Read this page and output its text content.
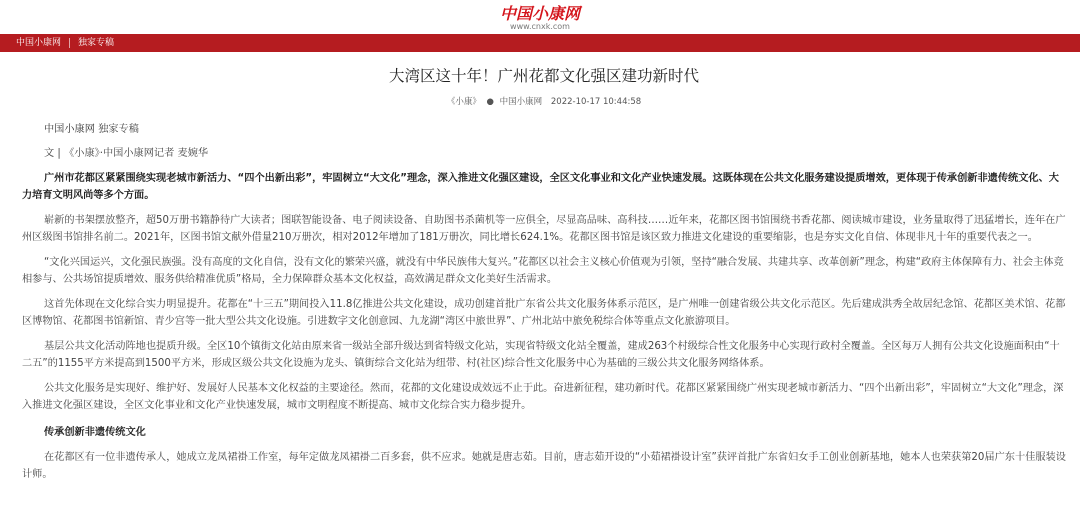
中国小康网
www.cnxk.com
中国小康网	独家专稿
大湾区这十年！广州花都文化强区建功新时代
《小康》 ● 中国小康网 2022-10-17 10:44:58

中国小康网 独家专稿

文 | 《小康》·中国小康网记者 麦婉华

广州市花都区紧紧围绕实现老城市新活力、“四个出新出彩”，牢固树立“大文化”理念，深入推进文化强区建设，全区文化事业和文化产业快速发展。这既体现在公共文化服务建设提质增效，更体现于传承创新非遗传统文化、大力培育文明风尚等多个方面。

崭新的书架摆放整齐，超50万册书籍静待广大读者；图联智能设备、电子阅读设备、自助图书杀菌机等一应俱全，尽显高品味、高科技……近年来，花都区图书馆围绕书香花都、阅读城市建设，业务量取得了迅猛增长，连年在广州区级图书馆排名前二。2021年，区图书馆文献外借量210万册次，相对2012年增加了181万册次，同比增长624.1%。花都区图书馆是该区致力推进文化建设的重要缩影，也是夯实文化自信、体现非凡十年的重要代表之一。

“文化兴国运兴，文化强民族强。没有高度的文化自信，没有文化的繁荣兴盛，就没有中华民族伟大复兴。”花都区以社会主义核心价值观为引领，坚持“融合发展、共建共享、改革创新”理念，构建“政府主体保障有力、社会主体竞相参与、公共场馆提质增效、服务供给精准优质”格局，全力保障群众基本文化权益，高效满足群众文化美好生活需求。

这首先体现在文化综合实力明显提升。花都在“十三五”期间投入11.8亿推进公共文化建设，成功创建首批广东省公共文化服务体系示范区，是广州唯一创建省级公共文化示范区。先后建成洪秀全故居纪念馆、花都区美术馆、花都区博物馆、花都图书馆新馆、青少宫等一批大型公共文化设施。引进数字文化创意园、九龙湖“湾区中旅世界”、广州北站中旅免税综合体等重点文化旅游项目。

基层公共文化活动阵地也提质升级。全区10个镇街文化站由原来省一级站全部升级达到省特级文化站，实现省特级文化站全覆盖，建成263个村级综合性文化服务中心实现行政村全覆盖。全区每万人拥有公共文化设施面积由“十二五”的1155平方米提高到1500平方米，形成区级公共文化设施为龙头、镇街综合文化站为纽带、村(社区)综合性文化服务中心为基础的三级公共文化服务网络体系。

公共文化服务是实现好、维护好、发展好人民基本文化权益的主要途径。然而，花都的文化建设成效远不止于此。奋进新征程，建功新时代。花都区紧紧围绕广州实现老城市新活力、“四个出新出彩”，牢固树立“大文化”理念，深入推进文化强区建设，全区文化事业和文化产业快速发展，城市文明程度不断提高、城市文化综合实力稳步提升。

传承创新非遗传统文化

在花都区有一位非遗传承人，她成立龙凤裙褂工作室，每年定做龙凤裙褂二百多套，供不应求。她就是唐志茹。目前，唐志茹开设的“小茹裙褂设计室”获评首批广东省妇女手工创业创新基地，她本人也荣获第20届广东十佳服装设计师。
